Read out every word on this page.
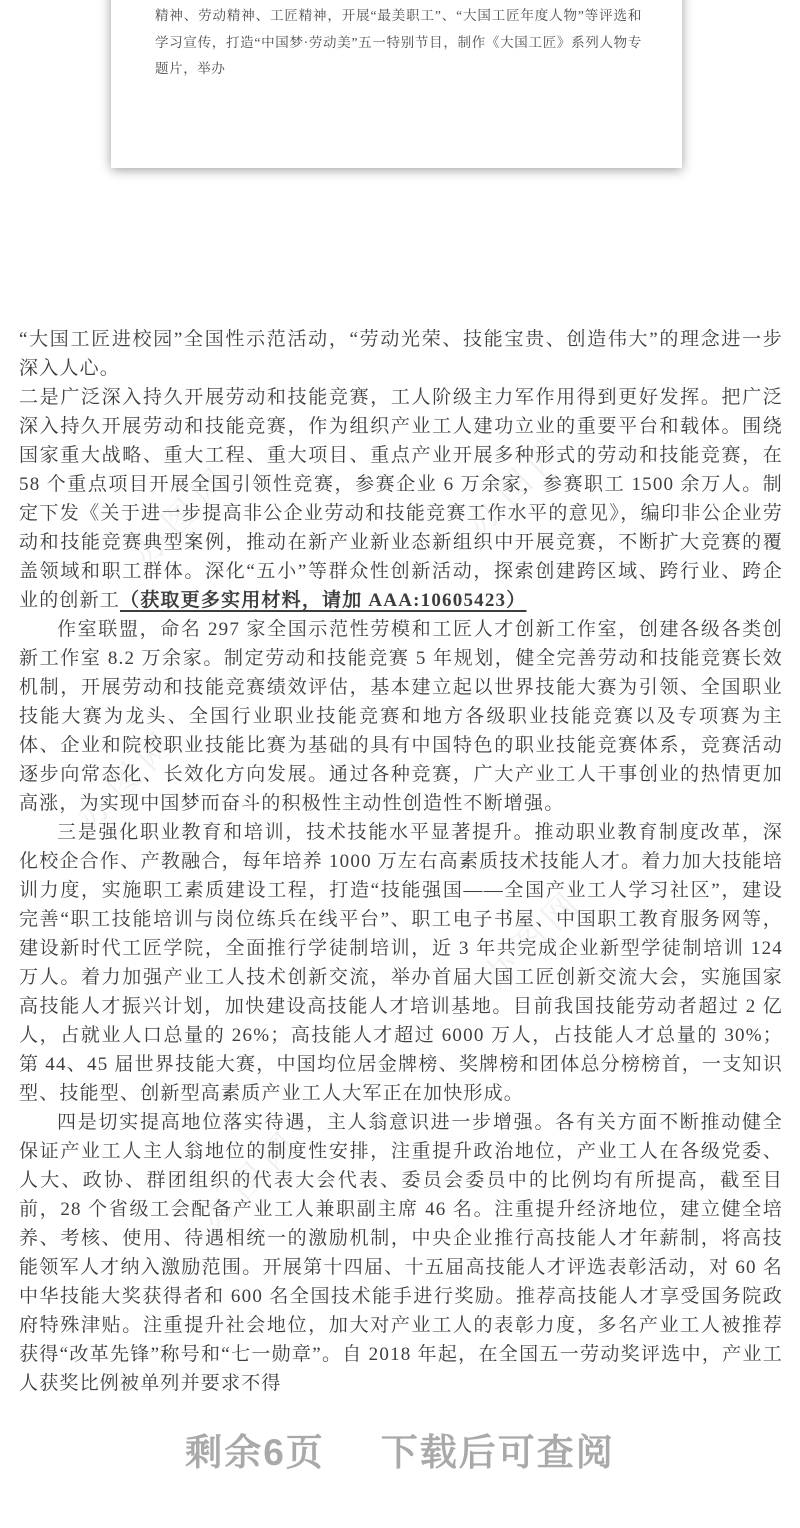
办图网	办图网
办图网
办图网
办图网

精神、劳动精神、工匠精神，开展“最美职工”、“大国工匠年度人物”等评选和学习宣传，打造“中国梦·劳动美”五一特别节目，制作《大国工匠》系列人物专题片，举办

“大国工匠进校园”全国性示范活动，“劳动光荣、技能宝贵、创造伟大”的理念进一步深入人心。

二是广泛深入持久开展劳动和技能竞赛，工人阶级主力军作用得到更好发挥。把广泛深入持久开展劳动和技能竞赛，作为组织产业工人建功立业的重要平台和载体。围绕国家重大战略、重大工程、重大项目、重点产业开展多种形式的劳动和技能竞赛，在 58 个重点项目开展全国引领性竞赛，参赛企业 6 万余家，参赛职工 1500 余万人。制定下发《关于进一步提高非公企业劳动和技能竞赛工作水平的意见》，编印非公企业劳动和技能竞赛典型案例，推动在新产业新业态新组织中开展竞赛，不断扩大竞赛的覆盖领域和职工群体。深化“五小”等群众性创新活动，探索创建跨区域、跨行业、跨企业的创新工（获取更多实用材料，请加 AAA:10605423）

作室联盟，命名 297 家全国示范性劳模和工匠人才创新工作室，创建各级各类创新工作室 8.2 万余家。制定劳动和技能竞赛 5 年规划，健全完善劳动和技能竞赛长效机制，开展劳动和技能竞赛绩效评估，基本建立起以世界技能大赛为引领、全国职业技能大赛为龙头、全国行业职业技能竞赛和地方各级职业技能竞赛以及专项赛为主体、企业和院校职业技能比赛为基础的具有中国特色的职业技能竞赛体系，竞赛活动逐步向常态化、长效化方向发展。通过各种竞赛，广大产业工人干事创业的热情更加高涨，为实现中国梦而奋斗的积极性主动性创造性不断增强。

三是强化职业教育和培训，技术技能水平显著提升。推动职业教育制度改革，深化校企合作、产教融合，每年培养 1000 万左右高素质技术技能人才。着力加大技能培训力度，实施职工素质建设工程，打造“技能强国——全国产业工人学习社区”，建设完善“职工技能培训与岗位练兵在线平台”、职工电子书屋、中国职工教育服务网等，建设新时代工匠学院，全面推行学徒制培训，近 3 年共完成企业新型学徒制培训 124 万人。着力加强产业工人技术创新交流，举办首届大国工匠创新交流大会，实施国家高技能人才振兴计划，加快建设高技能人才培训基地。目前我国技能劳动者超过 2 亿人，占就业人口总量的 26%；高技能人才超过 6000 万人，占技能人才总量的 30%；第 44、45 届世界技能大赛，中国均位居金牌榜、奖牌榜和团体总分榜榜首，一支知识型、技能型、创新型高素质产业工人大军正在加快形成。

四是切实提高地位落实待遇，主人翁意识进一步增强。各有关方面不断推动健全保证产业工人主人翁地位的制度性安排，注重提升政治地位，产业工人在各级党委、人大、政协、群团组织的代表大会代表、委员会委员中的比例均有所提高，截至目前，28 个省级工会配备产业工人兼职副主席 46 名。注重提升经济地位，建立健全培养、考核、使用、待遇相统一的激励机制，中央企业推行高技能人才年薪制，将高技能领军人才纳入激励范围。开展第十四届、十五届高技能人才评选表彰活动，对 60 名中华技能大奖获得者和 600 名全国技术能手进行奖励。推荐高技能人才享受国务院政府特殊津贴。注重提升社会地位，加大对产业工人的表彰力度，多名产业工人被推荐获得“改革先锋”称号和“七一勋章”。自 2018 年起，在全国五一劳动奖评选中，产业工人获奖比例被单列并要求不得

剩余6页 下载后可查阅
